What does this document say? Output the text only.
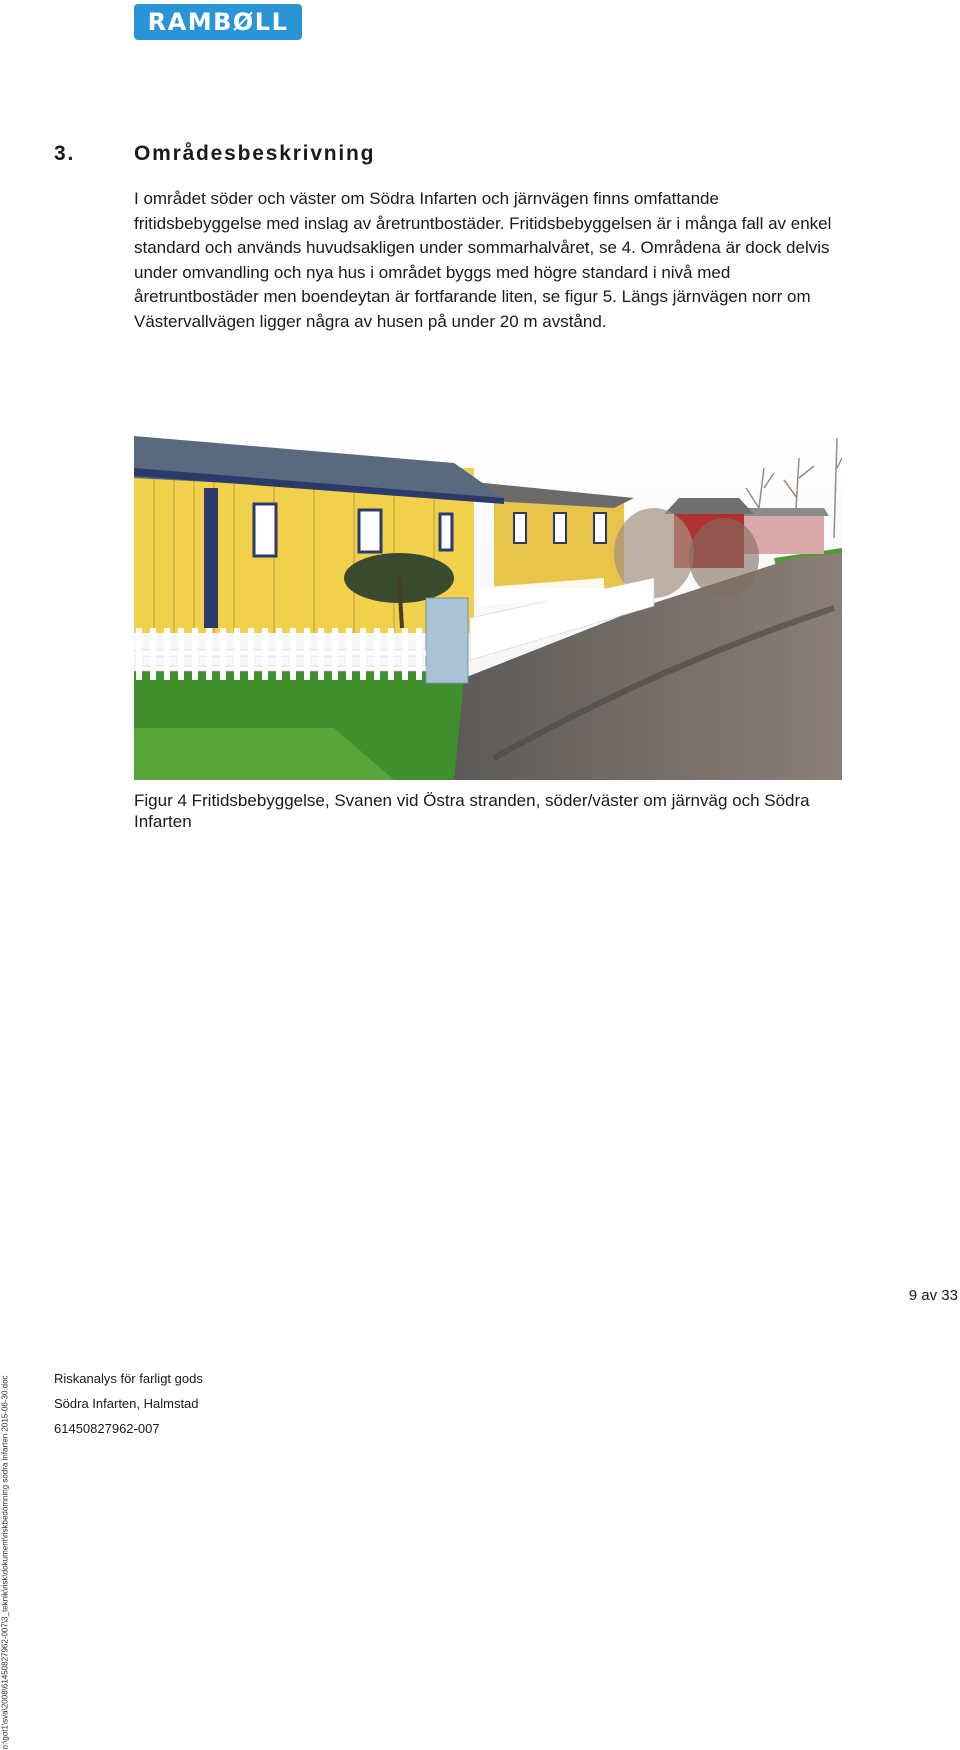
RAMBØLL
3.	Områdesbeskrivning
I området söder och väster om Södra Infarten och järnvägen finns omfattande fritidsbebyggelse med inslag av åretruntbostäder. Fritidsbebyggelsen är i många fall av enkel standard och används huvudsakligen under sommarhalvåret, se 4. Områdena är dock delvis under omvandling och nya hus i området byggs med högre standard i nivå med åretruntbostäder men boendeytan är fortfarande liten, se figur 5. Längs järnvägen norr om Västervallvägen ligger några av husen på under 20 m avstånd.
Figur 4 Fritidsbebyggelse, Svanen vid Östra stranden, söder/väster om järnväg och Södra Infarten
o:\got1\sva\2008\61450827962-007\3_teknik\risk\dokument\riskbedömning södra infarten 2015-06-30.doc
9 av 33
Riskanalys för farligt gods
Södra Infarten, Halmstad
61450827962-007
